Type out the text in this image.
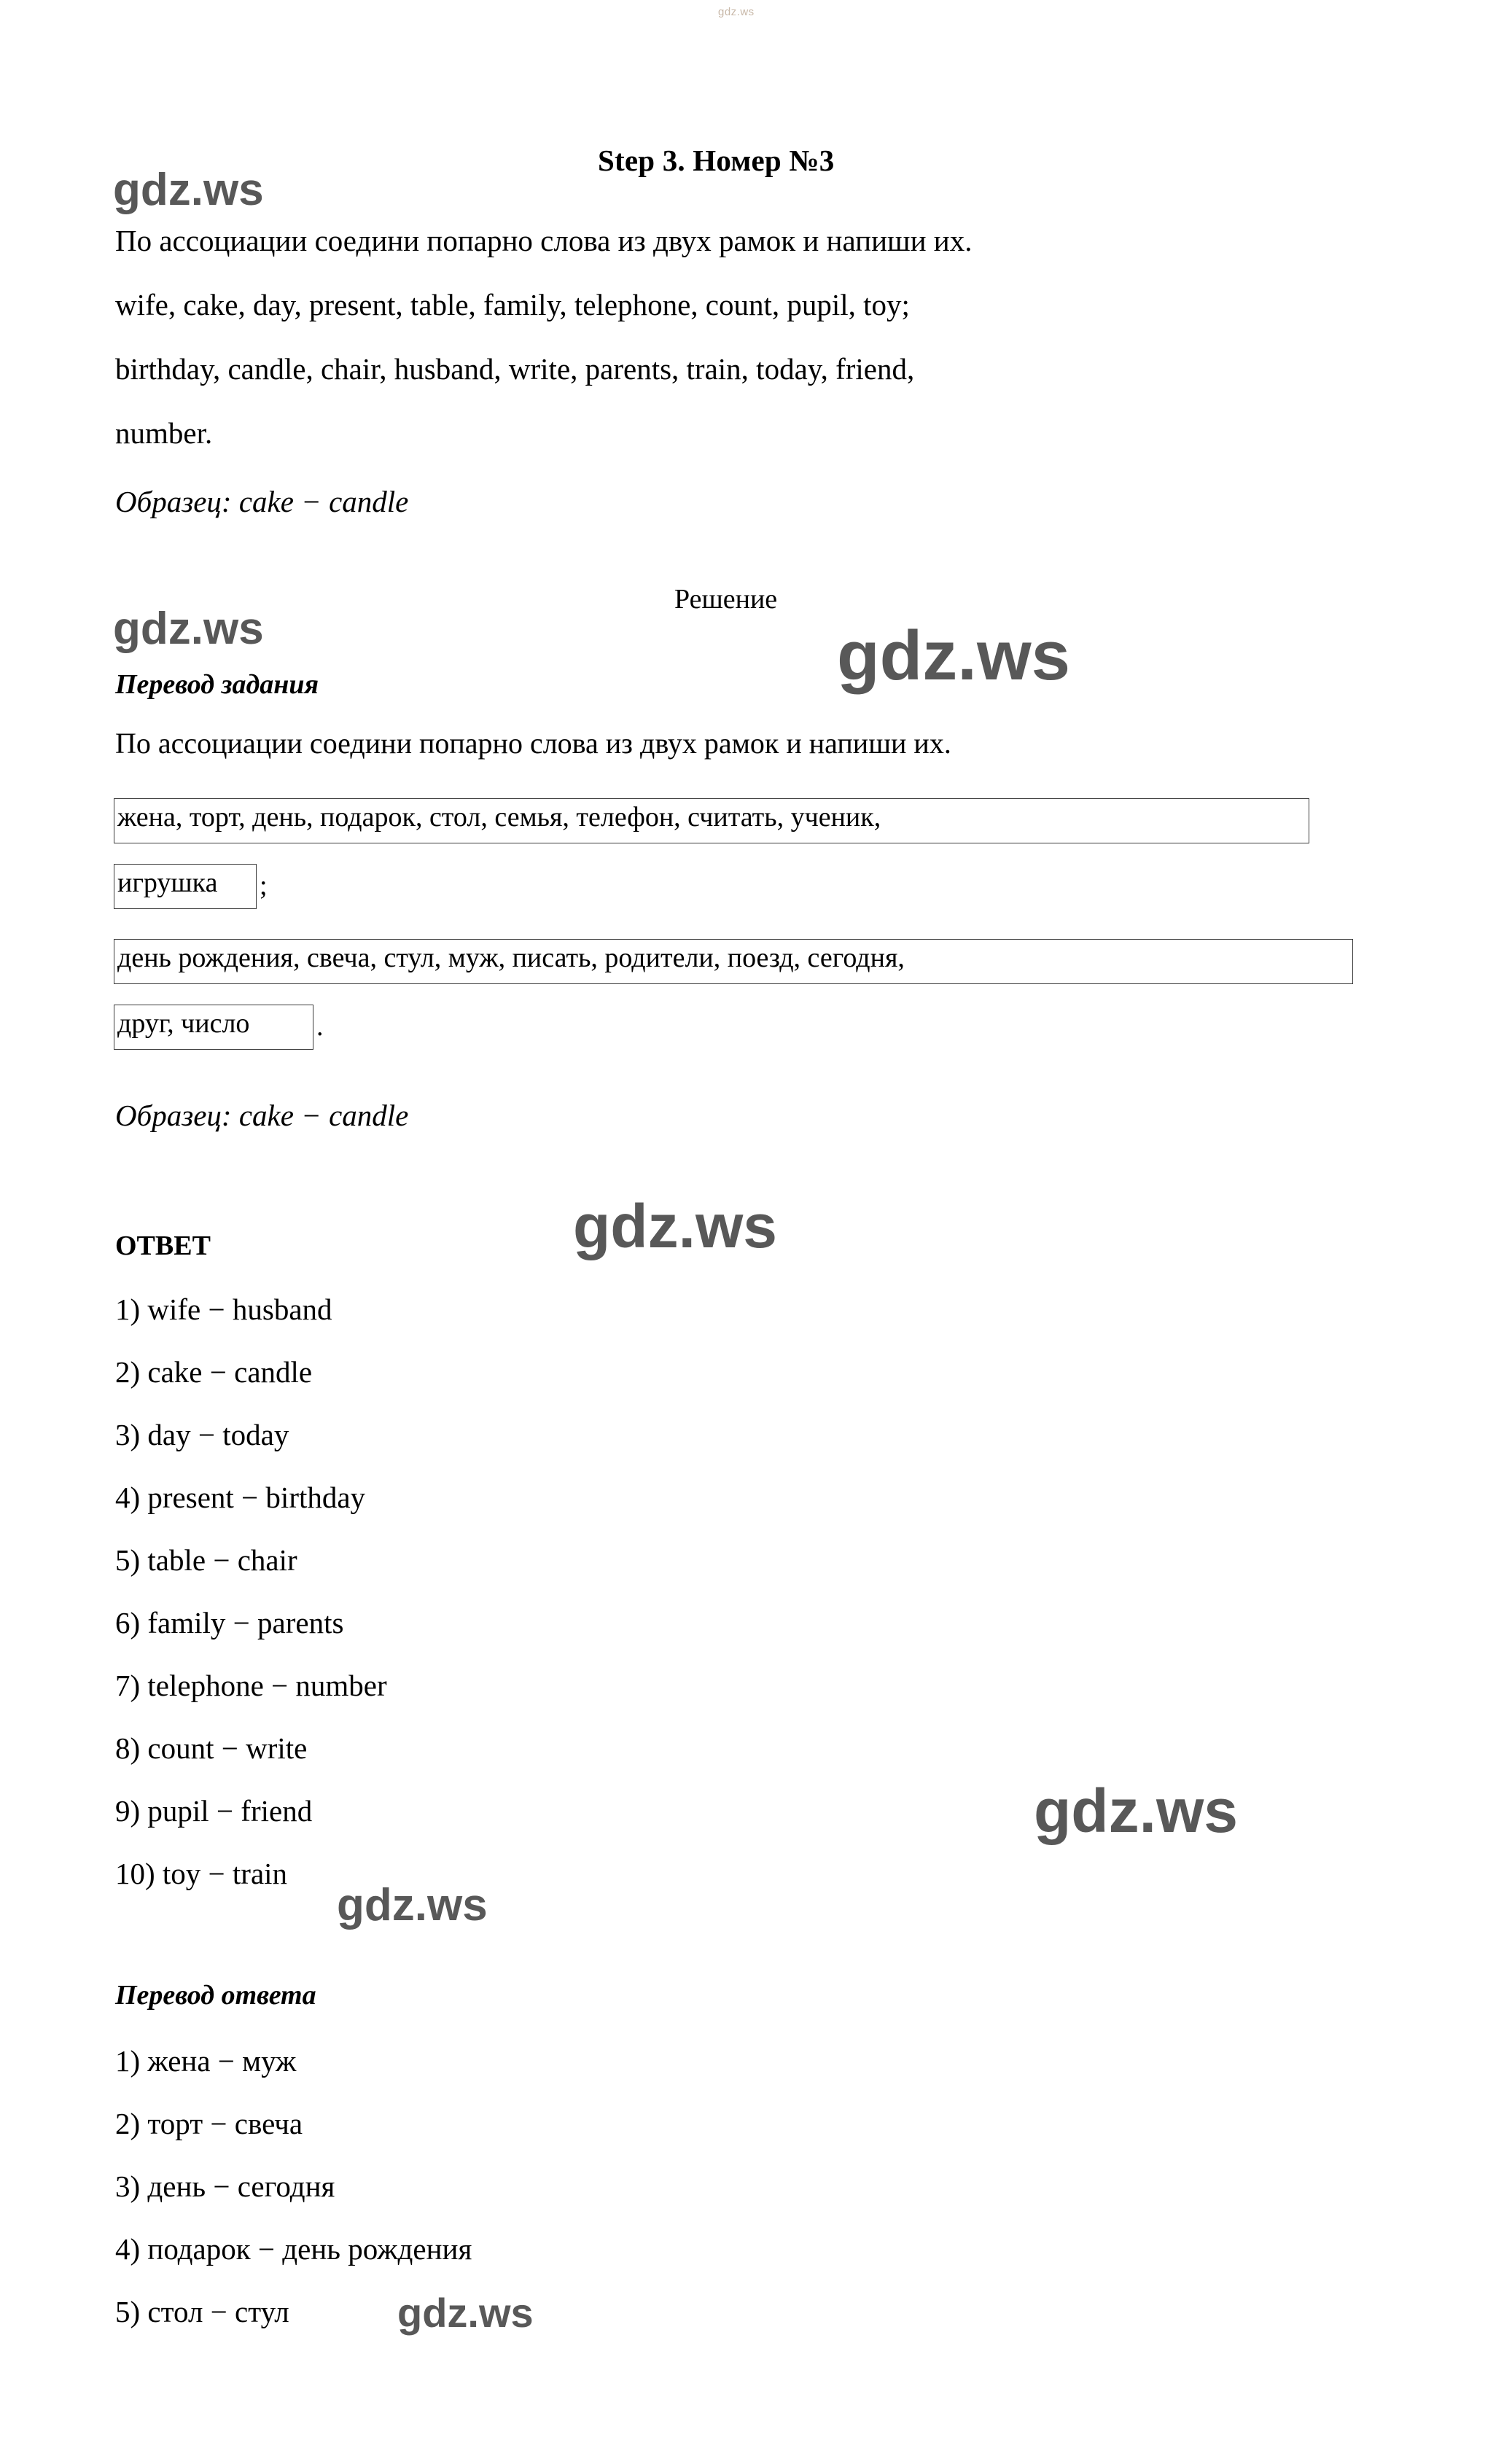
gdz.ws
gdz.ws
gdz.ws	gdz.ws
gdz.ws
gdz.ws
gdz.ws
gdz.ws
Step 3. Номер №3
По ассоциации соедини попарно слова из двух рамок и напиши их.
wife, cake, day, present, table, family, telephone, count, pupil, toy;
birthday, candle, chair, husband, write, parents, train, today, friend,
number.
Образец: cake − candle
Решение
Перевод задания
По ассоциации соедини попарно слова из двух рамок и напиши их.
жена, торт, день, подарок, стол, семья, телефон, считать, ученик,
игрушка	;
день рождения, свеча, стул, муж, писать, родители, поезд, сегодня,
друг, число	.
Образец: cake − candle
ОТВЕТ
1) wife − husband
2) cake − candle
3) day − today
4) present − birthday
5) table − chair
6) family − parents
7) telephone − number
8) count − write
9) pupil − friend
10) toy − train
Перевод ответа
1) жена − муж
2) торт − свеча
3) день − сегодня
4) подарок − день рождения
5) стол − стул
